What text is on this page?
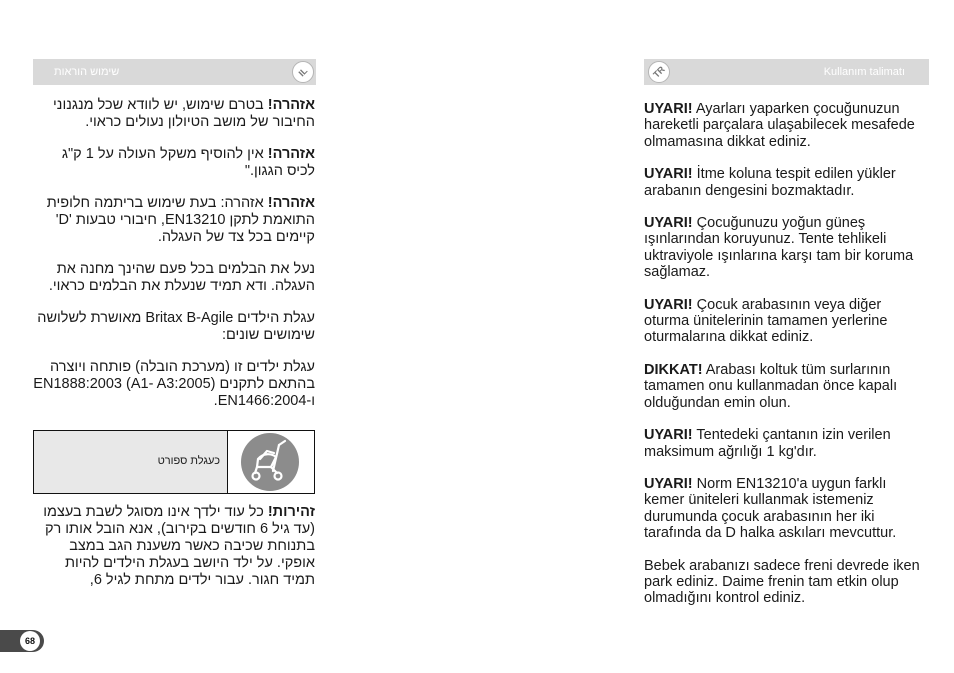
שימוש הוראות	IL

אזהרה! בטרם שימוש, יש לוודא שכל מנגנוני החיבור של מושב הטיולון נעולים כראוי.

אזהרה! אין להוסיף משקל העולה על 1 ק"ג לכיס הגגון."

אזהרה! אזהרה: בעת שימוש בריתמה חלופית התואמת לתקן EN13210, חיבורי טבעות 'D' קיימים בכל צד של העגלה.

נעל את הבלמים בכל פעם שהינך מחנה את העגלה. ודא תמיד שנעלת את הבלמים כראוי.

עגלת הילדים Britax B-Agile מאושרת לשלושה שימושים שונים:

עגלת ילדים זו (מערכת הובלה) פותחה ויוצרה בהתאם לתקנים EN1888:2003 (A1- A3:2005) ו-EN1466:2004.

כעגלת ספורט
זהירות! כל עוד ילדך אינו מסוגל לשבת בעצמו (עד גיל 6 חודשים בקירוב), אנא הובל אותו רק בתנוחת שכיבה כאשר משענת הגב במצב אופקי. על ילד היושב בעגלת הילדים להיות תמיד חגור. עבור ילדים מתחת לגיל 6,
68
TR	Kullanım talimatı

UYARI! Ayarları yaparken çocuğunuzun hareketli parçalara ulaşabilecek mesafede olmamasına dikkat ediniz.

UYARI! İtme koluna tespit edilen yükler arabanın dengesini bozmaktadır.

UYARI! Çocuğunuzu yoğun güneş ışınlarından koruyunuz. Tente tehlikeli uktraviyole ışınlarına karşı tam bir koruma sağlamaz.

UYARI! Çocuk arabasının veya diğer oturma ünitelerinin tamamen yerlerine oturmalarına dikkat ediniz.

DIKKAT! Arabası koltuk tüm surlarının tamamen onu kullanmadan önce kapalı olduğundan emin olun.

UYARI! Tentedeki çantanın izin verilen maksimum ağrılığı 1 kg'dır.

UYARI! Norm EN13210'a uygun farklı kemer üniteleri kullanmak istemeniz durumunda çocuk arabasının her iki tarafında da D halka askıları mevcuttur.

Bebek arabanızı sadece freni devrede iken park ediniz. Daime frenin tam etkin olup olmadığını kontrol ediniz.
